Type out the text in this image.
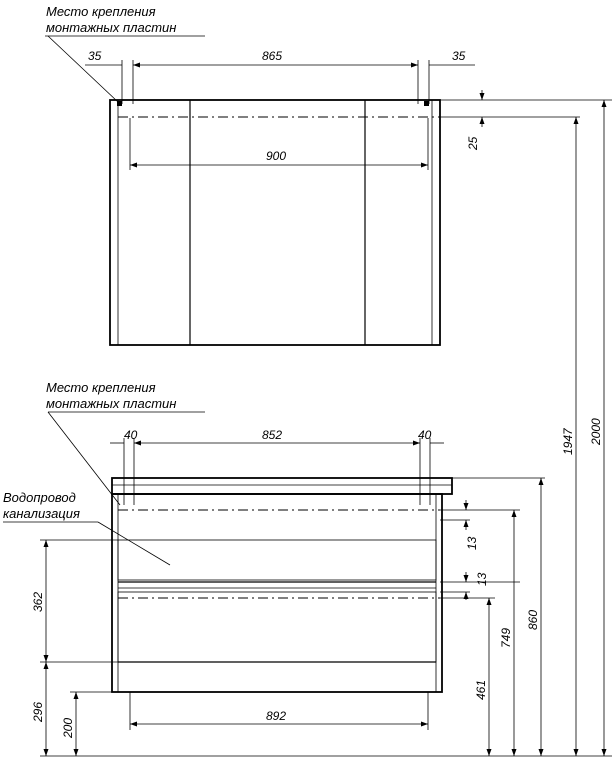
Место крепления
монтажных пластин
Место крепления
монтажных пластин
Водопровод
канализация
35	865	35
900
40	852	40
892
25
2000
1947
860
749
461
13
13
362
296
200
